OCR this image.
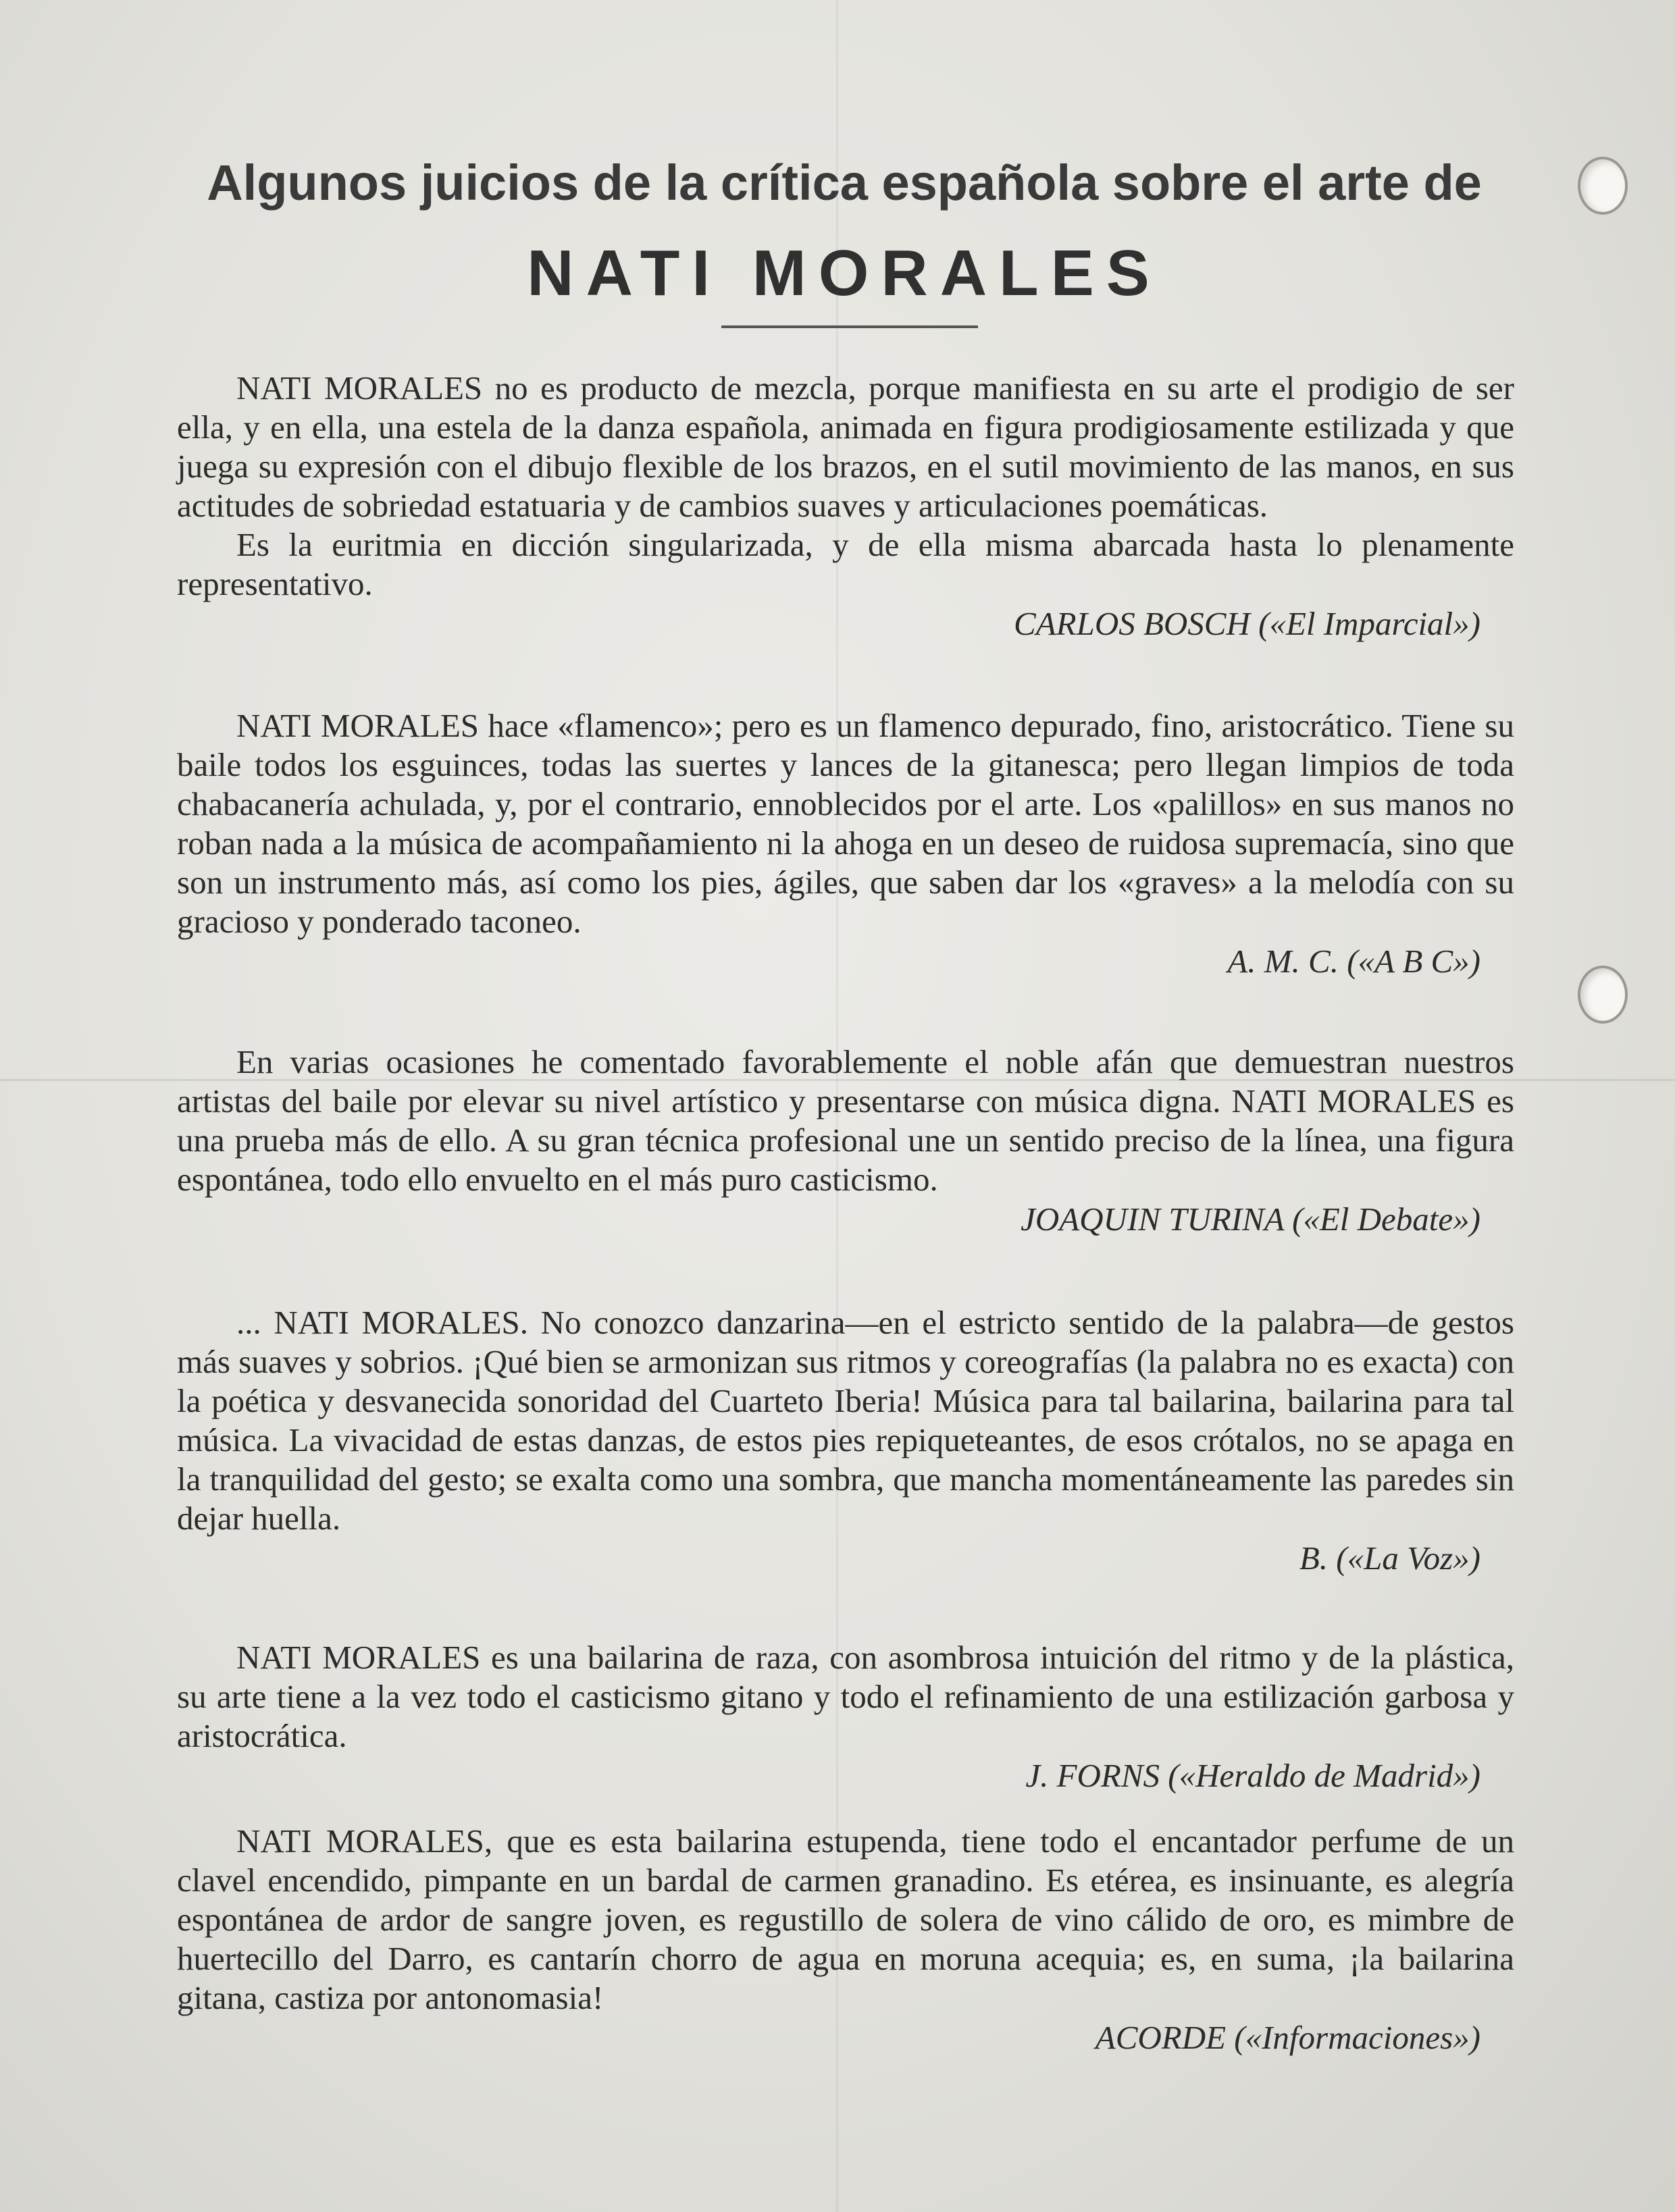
Algunos juicios de la crítica española sobre el arte de
NATI MORALES

NATI MORALES no es producto de mezcla, porque manifiesta en su arte el prodigio de ser ella, y en ella, una estela de la danza española, animada en figura prodigiosamente estilizada y que juega su expresión con el dibujo flexible de los brazos, en el sutil movimiento de las manos, en sus actitudes de sobriedad estatuaria y de cambios suaves y articulaciones poemáticas.

Es la euritmia en dicción singularizada, y de ella misma abarcada hasta lo plenamente representativo.

CARLOS BOSCH («El Imparcial»)

NATI MORALES hace «flamenco»; pero es un flamenco depurado, fino, aristocrático. Tiene su baile todos los esguinces, todas las suertes y lances de la gitanesca; pero llegan limpios de toda chabacanería achulada, y, por el contrario, ennoblecidos por el arte. Los «palillos» en sus manos no roban nada a la música de acompañamiento ni la ahoga en un deseo de ruidosa supremacía, sino que son un instrumento más, así como los pies, ágiles, que saben dar los «graves» a la melodía con su gracioso y ponderado taconeo.

A. M. C. («A B C»)

En varias ocasiones he comentado favorablemente el noble afán que demuestran nuestros artistas del baile por elevar su nivel artístico y presentarse con música digna. NATI MORALES es una prueba más de ello. A su gran técnica profesional une un sentido preciso de la línea, una figura espontánea, todo ello envuelto en el más puro casticismo.

JOAQUIN TURINA («El Debate»)

... NATI MORALES. No conozco danzarina—en el estricto sentido de la palabra—de gestos más suaves y sobrios. ¡Qué bien se armonizan sus ritmos y coreografías (la palabra no es exacta) con la poética y desvanecida sonoridad del Cuarteto Iberia! Música para tal bailarina, bailarina para tal música. La vivacidad de estas danzas, de estos pies repiqueteantes, de esos crótalos, no se apaga en la tranquilidad del gesto; se exalta como una sombra, que mancha momentáneamente las paredes sin dejar huella.

B. («La Voz»)

NATI MORALES es una bailarina de raza, con asombrosa intuición del ritmo y de la plástica, su arte tiene a la vez todo el casticismo gitano y todo el refinamiento de una estilización garbosa y aristocrática.

J. FORNS («Heraldo de Madrid»)

NATI MORALES, que es esta bailarina estupenda, tiene todo el encantador perfume de un clavel encendido, pimpante en un bardal de carmen granadino. Es etérea, es insinuante, es alegría espontánea de ardor de sangre joven, es regustillo de solera de vino cálido de oro, es mimbre de huertecillo del Darro, es cantarín chorro de agua en moruna acequia; es, en suma, ¡la bailarina gitana, castiza por antonomasia!

ACORDE («Informaciones»)
